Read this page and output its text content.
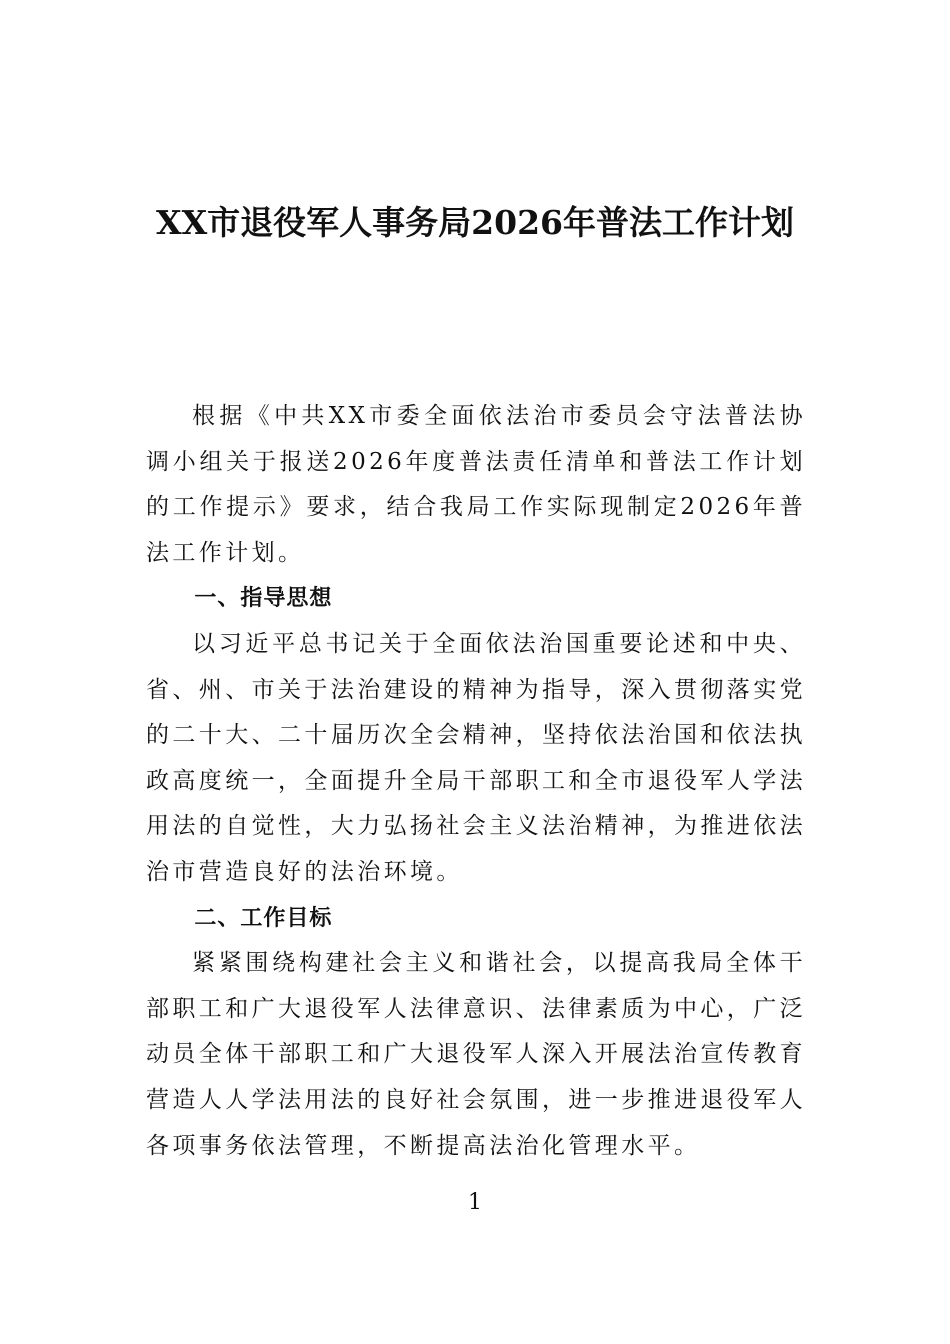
XX市退役军人事务局2026年普法工作计划

根据《中共XX市委全面依法治市委员会守法普法协调小组关于报送2026年度普法责任清单和普法工作计划的工作提示》要求，结合我局工作实际现制定2026年普法工作计划。

一、指导思想

以习近平总书记关于全面依法治国重要论述和中央、省、州、市关于法治建设的精神为指导，深入贯彻落实党的二十大、二十届历次全会精神，坚持依法治国和依法执政高度统一，全面提升全局干部职工和全市退役军人学法用法的自觉性，大力弘扬社会主义法治精神，为推进依法治市营造良好的法治环境。

二、工作目标

紧紧围绕构建社会主义和谐社会，以提高我局全体干部职工和广大退役军人法律意识、法律素质为中心，广泛动员全体干部职工和广大退役军人深入开展法治宣传教育营造人人学法用法的良好社会氛围，进一步推进退役军人各项事务依法管理，不断提高法治化管理水平。

1
